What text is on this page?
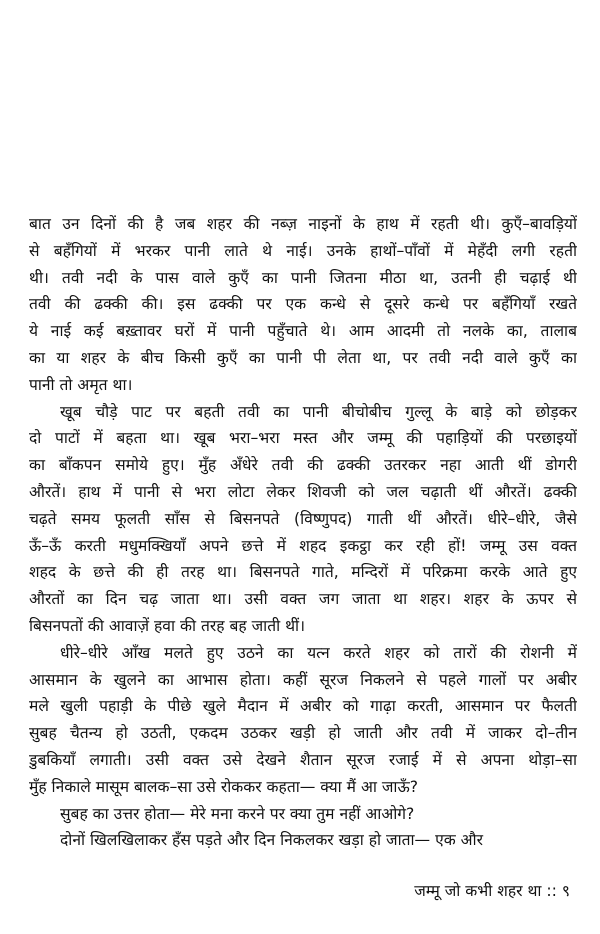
बात उन दिनों की है जब शहर की नब्ज़ नाइनों के हाथ में रहती थी। कुएँ–बावड़ियों
से बहँगियों में भरकर पानी लाते थे नाई। उनके हाथों–पाँवों में मेहँदी लगी रहती
थी। तवी नदी के पास वाले कुएँ का पानी जितना मीठा था, उतनी ही चढ़ाई थी
तवी की ढक्की की। इस ढक्की पर एक कन्धे से दूसरे कन्धे पर बहँगियाँ रखते
ये नाई कई बख़्तावर घरों में पानी पहुँचाते थे। आम आदमी तो नलके का, तालाब
का या शहर के बीच किसी कुएँ का पानी पी लेता था, पर तवी नदी वाले कुएँ का
पानी तो अमृत था।
खूब चौड़े पाट पर बहती तवी का पानी बीचोबीच गुल्लू के बाड़े को छोड़कर
दो पाटों में बहता था। खूब भरा–भरा मस्त और जम्मू की पहाड़ियों की परछाइयों
का बाँकपन समोये हुए। मुँह अँधेरे तवी की ढक्की उतरकर नहा आती थीं डोगरी
औरतें। हाथ में पानी से भरा लोटा लेकर शिवजी को जल चढ़ाती थीं औरतें। ढक्की
चढ़ते समय फूलती साँस से बिसनपते (विष्णुपद) गाती थीं औरतें। धीरे–धीरे, जैसे
ऊँ–ऊँ करती मधुमक्खियाँ अपने छत्ते में शहद इकट्ठा कर रही हों! जम्मू उस वक्त
शहद के छत्ते की ही तरह था। बिसनपते गाते, मन्दिरों में परिक्रमा करके आते हुए
औरतों का दिन चढ़ जाता था। उसी वक्त जग जाता था शहर। शहर के ऊपर से
बिसनपतों की आवाज़ें हवा की तरह बह जाती थीं।
धीरे–धीरे आँख मलते हुए उठने का यत्न करते शहर को तारों की रोशनी में
आसमान के खुलने का आभास होता। कहीं सूरज निकलने से पहले गालों पर अबीर
मले खुली पहाड़ी के पीछे खुले मैदान में अबीर को गाढ़ा करती, आसमान पर फैलती
सुबह चैतन्य हो उठती, एकदम उठकर खड़ी हो जाती और तवी में जाकर दो–तीन
डुबकियाँ लगाती। उसी वक्त उसे देखने शैतान सूरज रजाई में से अपना थोड़ा–सा
मुँह निकाले मासूम बालक–सा उसे रोककर कहता— क्या मैं आ जाऊँ?
सुबह का उत्तर होता— मेरे मना करने पर क्या तुम नहीं आओगे?
दोनों खिलखिलाकर हँस पड़ते और दिन निकलकर खड़ा हो जाता— एक और
जम्मू जो कभी शहर था :: ९
